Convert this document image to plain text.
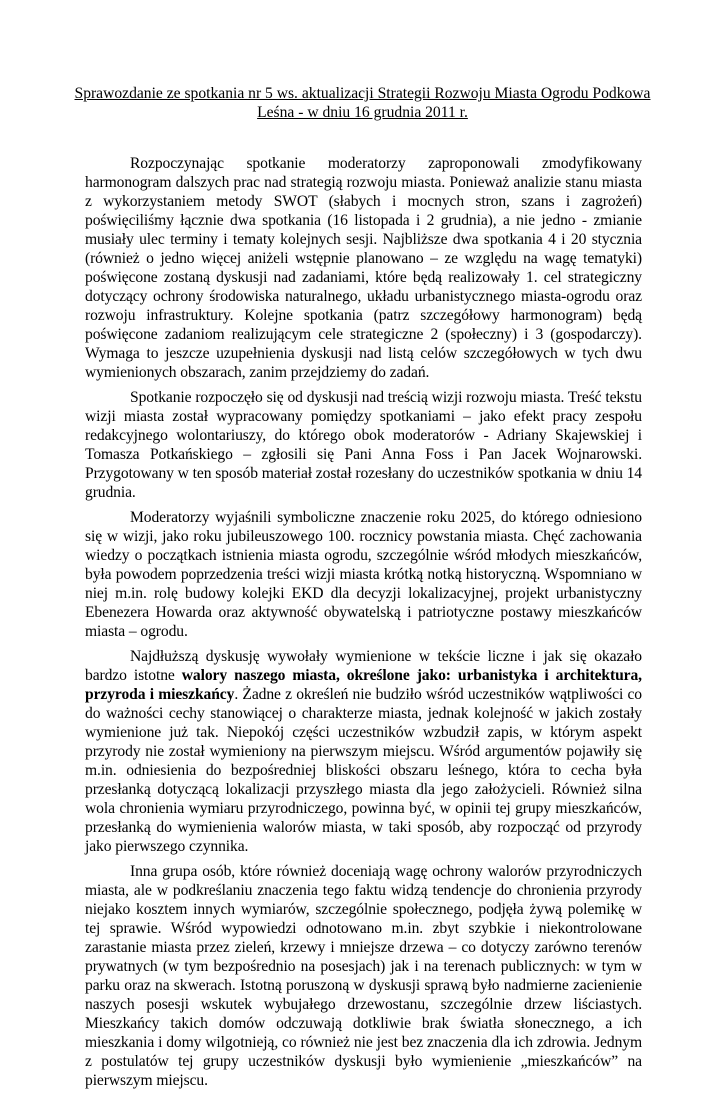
Sprawozdanie ze spotkania nr 5 ws. aktualizacji Strategii Rozwoju Miasta Ogrodu Podkowa Leśna - w dniu 16 grudnia 2011 r.

Rozpoczynając spotkanie moderatorzy zaproponowali zmodyfikowany harmonogram dalszych prac nad strategią rozwoju miasta. Ponieważ analizie stanu miasta z wykorzystaniem metody SWOT (słabych i mocnych stron, szans i zagrożeń) poświęciliśmy łącznie dwa spotkania (16 listopada i 2 grudnia), a nie jedno - zmianie musiały ulec terminy i tematy kolejnych sesji. Najbliższe dwa spotkania 4 i 20 stycznia (również o jedno więcej aniżeli wstępnie planowano – ze względu na wagę tematyki) poświęcone zostaną dyskusji nad zadaniami, które będą realizowały 1. cel strategiczny dotyczący ochrony środowiska naturalnego, układu urbanistycznego miasta-ogrodu oraz rozwoju infrastruktury. Kolejne spotkania (patrz szczegółowy harmonogram) będą poświęcone zadaniom realizującym cele strategiczne 2 (społeczny) i 3 (gospodarczy). Wymaga to jeszcze uzupełnienia dyskusji nad listą celów szczegółowych w tych dwu wymienionych obszarach, zanim przejdziemy do zadań.

Spotkanie rozpoczęło się od dyskusji nad treścią wizji rozwoju miasta. Treść tekstu wizji miasta został wypracowany pomiędzy spotkaniami – jako efekt pracy zespołu redakcyjnego wolontariuszy, do którego obok moderatorów - Adriany Skajewskiej i Tomasza Potkańskiego – zgłosili się Pani Anna Foss i Pan Jacek Wojnarowski. Przygotowany w ten sposób materiał został rozesłany do uczestników spotkania w dniu 14 grudnia.

Moderatorzy wyjaśnili symboliczne znaczenie roku 2025, do którego odniesiono się w wizji, jako roku jubileuszowego 100. rocznicy powstania miasta. Chęć zachowania wiedzy o początkach istnienia miasta ogrodu, szczególnie wśród młodych mieszkańców, była powodem poprzedzenia treści wizji miasta krótką notką historyczną. Wspomniano w niej m.in. rolę budowy kolejki EKD dla decyzji lokalizacyjnej, projekt urbanistyczny Ebenezera Howarda oraz aktywność obywatelską i patriotyczne postawy mieszkańców miasta – ogrodu.

Najdłuższą dyskusję wywołały wymienione w tekście liczne i jak się okazało bardzo istotne walory naszego miasta, określone jako: urbanistyka i architektura, przyroda i mieszkańcy. Żadne z określeń nie budziło wśród uczestników wątpliwości co do ważności cechy stanowiącej o charakterze miasta, jednak kolejność w jakich zostały wymienione już tak. Niepokój części uczestników wzbudził zapis, w którym aspekt przyrody nie został wymieniony na pierwszym miejscu. Wśród argumentów pojawiły się m.in. odniesienia do bezpośredniej bliskości obszaru leśnego, która to cecha była przesłanką dotyczącą lokalizacji przyszłego miasta dla jego założycieli. Również silna wola chronienia wymiaru przyrodniczego, powinna być, w opinii tej grupy mieszkańców, przesłanką do wymienienia walorów miasta, w taki sposób, aby rozpocząć od przyrody jako pierwszego czynnika.

Inna grupa osób, które również doceniają wagę ochrony walorów przyrodniczych miasta, ale w podkreślaniu znaczenia tego faktu widzą tendencje do chronienia przyrody niejako kosztem innych wymiarów, szczególnie społecznego, podjęła żywą polemikę w tej sprawie. Wśród wypowiedzi odnotowano m.in. zbyt szybkie i niekontrolowane zarastanie miasta przez zieleń, krzewy i mniejsze drzewa – co dotyczy zarówno terenów prywatnych (w tym bezpośrednio na posesjach) jak i na terenach publicznych: w tym w parku oraz na skwerach. Istotną poruszoną w dyskusji sprawą było nadmierne zacienienie naszych posesji wskutek wybujałego drzewostanu, szczególnie drzew liściastych. Mieszkańcy takich domów odczuwają dotkliwie brak światła słonecznego, a ich mieszkania i domy wilgotnieją, co również nie jest bez znaczenia dla ich zdrowia. Jednym z postulatów tej grupy uczestników dyskusji było wymienienie „mieszkańców” na pierwszym miejscu.
